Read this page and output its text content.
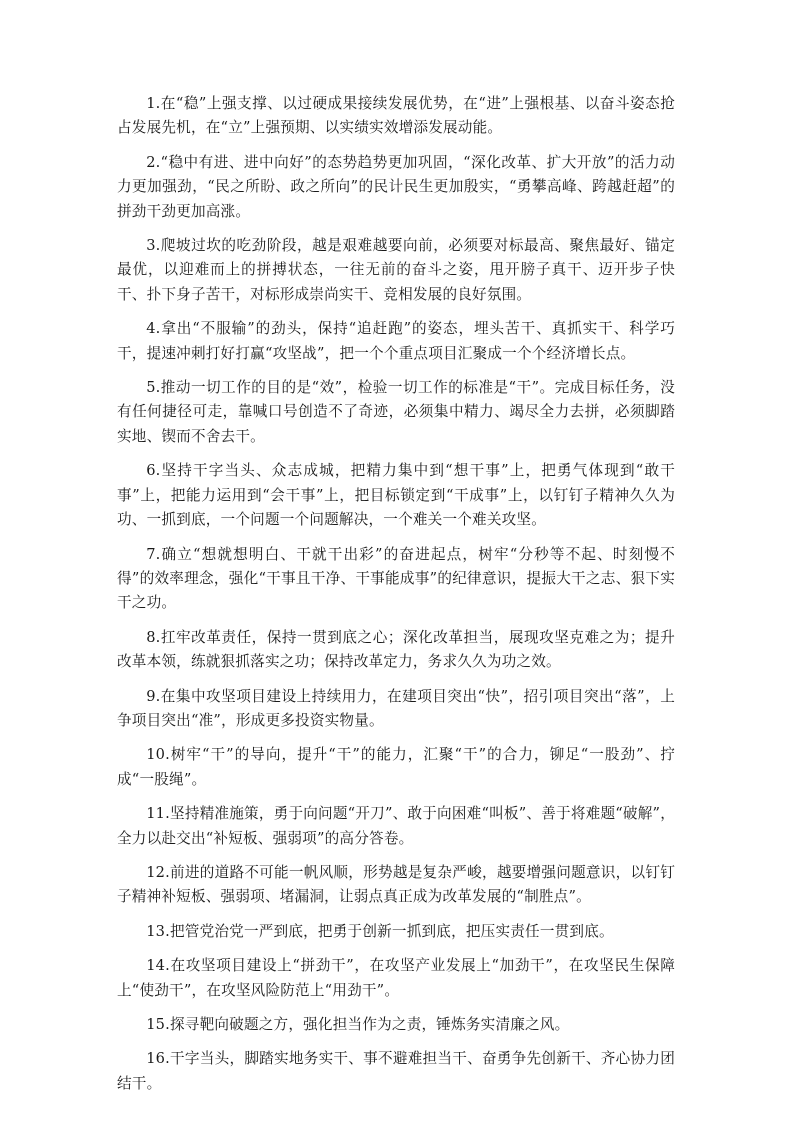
1.在“稳”上强支撑、以过硬成果接续发展优势，在“进”上强根基、以奋斗姿态抢占发展先机，在“立”上强预期、以实绩实效增添发展动能。

2.“稳中有进、进中向好”的态势趋势更加巩固，“深化改革、扩大开放”的活力动力更加强劲，“民之所盼、政之所向”的民计民生更加殷实，“勇攀高峰、跨越赶超”的拼劲干劲更加高涨。

3.爬坡过坎的吃劲阶段，越是艰难越要向前，必须要对标最高、聚焦最好、锚定最优，以迎难而上的拼搏状态，一往无前的奋斗之姿，甩开膀子真干、迈开步子快干、扑下身子苦干，对标形成崇尚实干、竞相发展的良好氛围。

4.拿出“不服输”的劲头，保持“追赶跑”的姿态，埋头苦干、真抓实干、科学巧干，提速冲刺打好打赢“攻坚战”，把一个个重点项目汇聚成一个个经济增长点。

5.推动一切工作的目的是“效”，检验一切工作的标准是“干”。完成目标任务，没有任何捷径可走，靠喊口号创造不了奇迹，必须集中精力、竭尽全力去拼，必须脚踏实地、锲而不舍去干。

6.坚持干字当头、众志成城，把精力集中到“想干事”上，把勇气体现到“敢干事”上，把能力运用到“会干事”上，把目标锁定到“干成事”上，以钉钉子精神久久为功、一抓到底，一个问题一个问题解决，一个难关一个难关攻坚。

7.确立“想就想明白、干就干出彩”的奋进起点，树牢“分秒等不起、时刻慢不得”的效率理念，强化“干事且干净、干事能成事”的纪律意识，提振大干之志、狠下实干之功。

8.扛牢改革责任，保持一贯到底之心；深化改革担当，展现攻坚克难之为；提升改革本领，练就狠抓落实之功；保持改革定力，务求久久为功之效。

9.在集中攻坚项目建设上持续用力，在建项目突出“快”，招引项目突出“落”，上争项目突出“准”，形成更多投资实物量。

10.树牢“干”的导向，提升“干”的能力，汇聚“干”的合力，铆足“一股劲”、拧成“一股绳”。

11.坚持精准施策，勇于向问题“开刀”、敢于向困难“叫板”、善于将难题“破解”，全力以赴交出“补短板、强弱项”的高分答卷。

12.前进的道路不可能一帆风顺，形势越是复杂严峻，越要增强问题意识，以钉钉子精神补短板、强弱项、堵漏洞，让弱点真正成为改革发展的“制胜点”。

13.把管党治党一严到底，把勇于创新一抓到底，把压实责任一贯到底。

14.在攻坚项目建设上“拼劲干”，在攻坚产业发展上“加劲干”，在攻坚民生保障上“使劲干”，在攻坚风险防范上“用劲干”。

15.探寻靶向破题之方，强化担当作为之责，锤炼务实清廉之风。

16.干字当头，脚踏实地务实干、事不避难担当干、奋勇争先创新干、齐心协力团结干。
